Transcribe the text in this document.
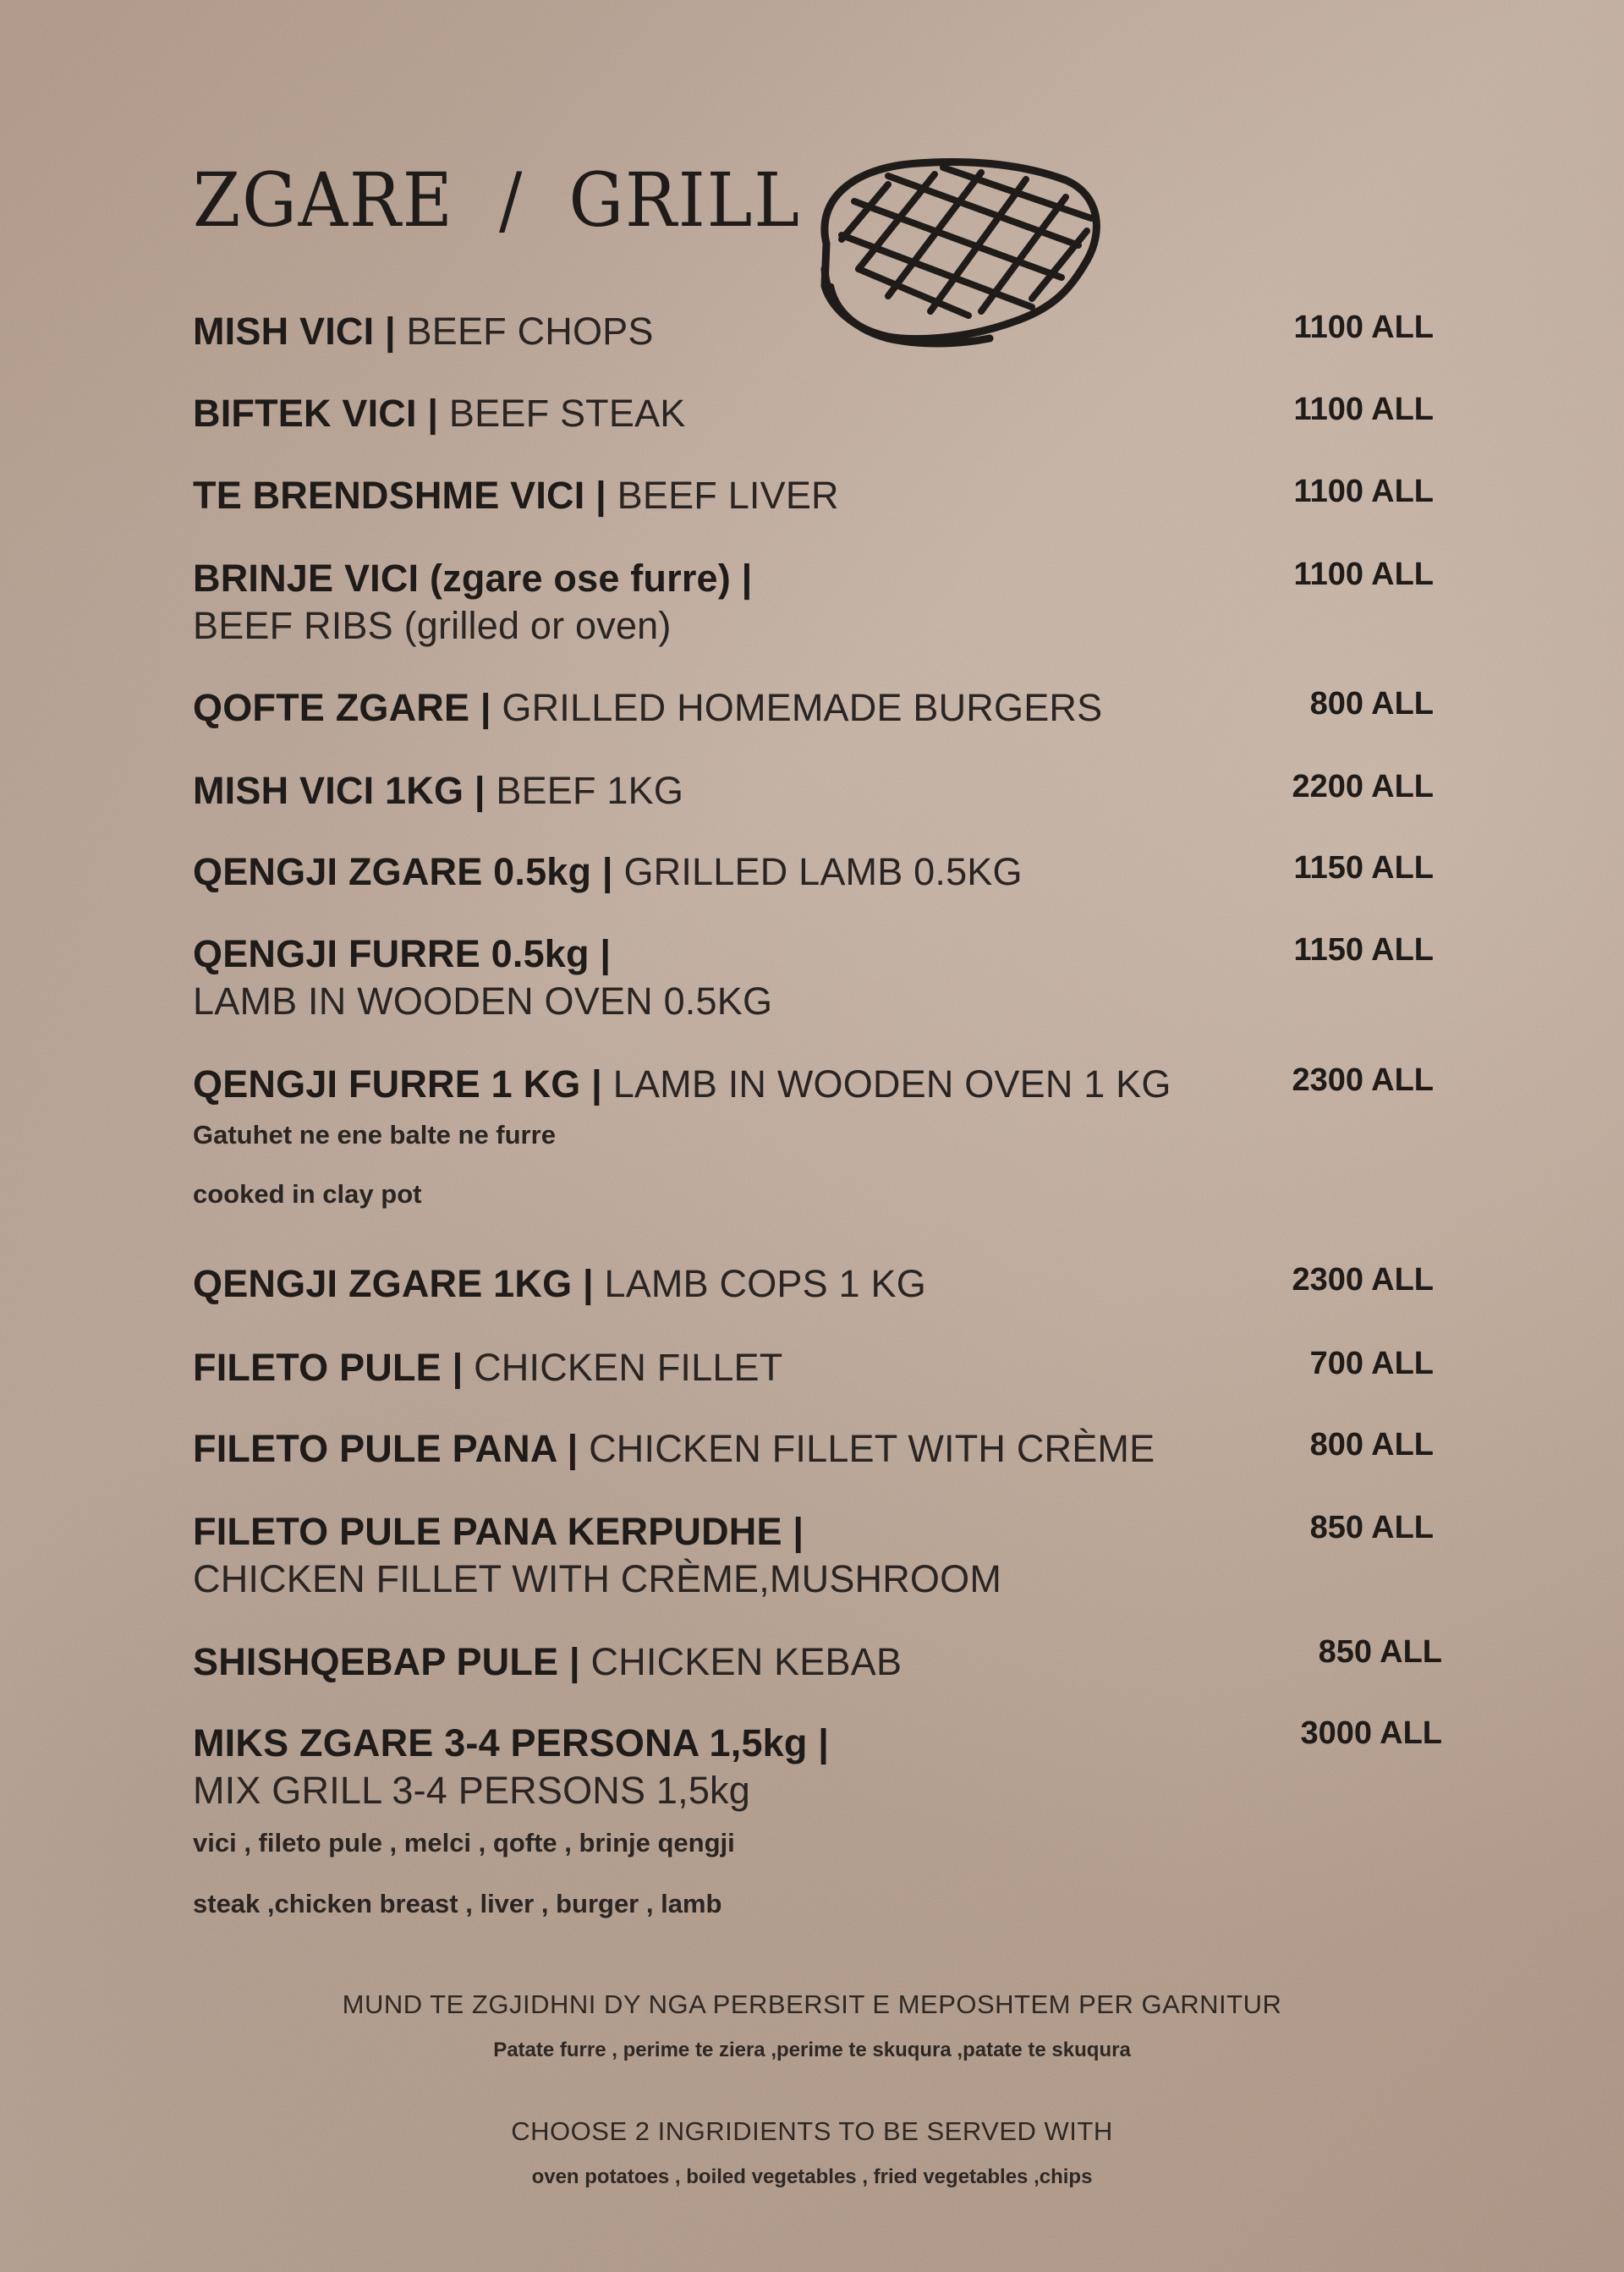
ZGARE / GRILL
MISH VICI | BEEF CHOPS	1100 ALL
BIFTEK VICI | BEEF STEAK	1100 ALL
TE BRENDSHME VICI | BEEF LIVER	1100 ALL
BRINJE VICI (zgare ose furre) |
BEEF RIBS (grilled or oven)
1100 ALL
QOFTE ZGARE | GRILLED HOMEMADE BURGERS	800 ALL
MISH VICI 1KG | BEEF 1KG	2200 ALL
QENGJI ZGARE 0.5kg | GRILLED LAMB 0.5KG	1150 ALL
QENGJI FURRE 0.5kg |
LAMB IN WOODEN OVEN 0.5KG
1150 ALL
QENGJI FURRE 1 KG | LAMB IN WOODEN OVEN 1 KG
Gatuhet ne ene balte ne furre
cooked in clay pot
2300 ALL
QENGJI ZGARE 1KG | LAMB COPS 1 KG	2300 ALL
FILETO PULE | CHICKEN FILLET	700 ALL
FILETO PULE PANA | CHICKEN FILLET WITH CRÈME	800 ALL
FILETO PULE PANA KERPUDHE |
CHICKEN FILLET WITH CRÈME,MUSHROOM
850 ALL
SHISHQEBAP PULE | CHICKEN KEBAB	850 ALL
MIKS ZGARE 3-4 PERSONA 1,5kg |
MIX GRILL 3-4 PERSONS 1,5kg
vici , fileto pule , melci , qofte , brinje qengji
steak ,chicken breast , liver , burger , lamb
3000 ALL
MUND TE ZGJIDHNI DY NGA PERBERSIT E MEPOSHTEM PER GARNITUR
Patate furre , perime te ziera ,perime te skuqura ,patate te skuqura
CHOOSE 2 INGRIDIENTS TO BE SERVED WITH
oven potatoes , boiled vegetables , fried vegetables ,chips
